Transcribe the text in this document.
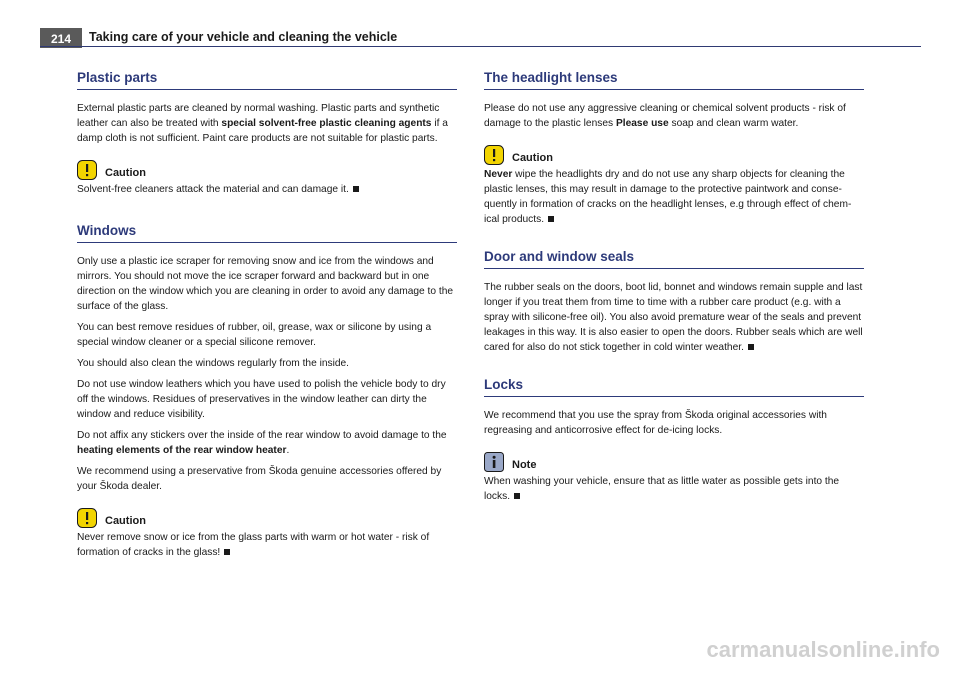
214	Taking care of your vehicle and cleaning the vehicle
Plastic parts

External plastic parts are cleaned by normal washing. Plastic parts and synthetic leather can also be treated with special solvent-free plastic cleaning agents if a damp cloth is not sufficient. Paint care products are not suitable for plastic parts.

Caution

Solvent-free cleaners attack the material and can damage it.

Windows

Only use a plastic ice scraper for removing snow and ice from the windows and mirrors. You should not move the ice scraper forward and backward but in one direction on the window which you are cleaning in order to avoid any damage to the surface of the glass.

You can best remove residues of rubber, oil, grease, wax or silicone by using a special window cleaner or a special silicone remover.

You should also clean the windows regularly from the inside.

Do not use window leathers which you have used to polish the vehicle body to dry off the windows. Residues of preservatives in the window leather can dirty the window and reduce visibility.

Do not affix any stickers over the inside of the rear window to avoid damage to the heating elements of the rear window heater.

We recommend using a preservative from Škoda genuine accessories offered by your Škoda dealer.

Caution

Never remove snow or ice from the glass parts with warm or hot water - risk of formation of cracks in the glass!

The headlight lenses

Please do not use any aggressive cleaning or chemical solvent products - risk of damage to the plastic lenses Please use soap and clean warm water.

Caution

Never wipe the headlights dry and do not use any sharp objects for cleaning the plastic lenses, this may result in damage to the protective paintwork and conse-quently in formation of cracks on the headlight lenses, e.g through effect of chem-ical products.

Door and window seals

The rubber seals on the doors, boot lid, bonnet and windows remain supple and last longer if you treat them from time to time with a rubber care product (e.g. with a spray with silicone-free oil). You also avoid premature wear of the seals and prevent leakages in this way. It is also easier to open the doors. Rubber seals which are well cared for also do not stick together in cold winter weather.

Locks

We recommend that you use the spray from Škoda original accessories with regreasing and anticorrosive effect for de-icing locks.

Note

When washing your vehicle, ensure that as little water as possible gets into the locks.

carmanualsonline.info
